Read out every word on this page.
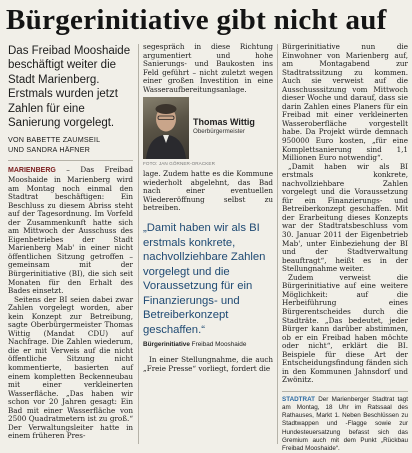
Bürgerinitiative gibt nicht auf

Das Freibad Mooshaide beschäftigt weiter die Stadt Marienberg. Erstmals wurden jetzt Zahlen für eine Sanierung vorgelegt.

VON BABETTE ZAUMSEIL
UND SANDRA HÄFNER

MARIENBERG – Das Freibad Mooshaide in Marienberg wird am Montag noch einmal den Stadtrat beschäftigen: Ein Beschluss zu diesem Abriss steht auf der Tagesordnung. Im Vorfeld der Zusammenkunft hatte sich am Mittwoch der Ausschuss des Eigenbetriebes der Stadt Marienberg Mab' in einer nicht öffentlichen Sitzung getroffen – gemeinsam mit der Bürgerinitiative (BI), die sich seit Monaten für den Erhalt des Bades einsetzt.

Seitens der BI seien dabei zwar Zahlen vorgelegt worden, aber kein Konzept zur Betreibung, sagte Oberbürgermeister Thomas Wittig (Mandat CDU) auf Nachfrage. Die Zahlen wiederum, die er mit Verweis auf die nicht öffentliche Sitzung nicht kommentierte, basierten auf einem kompletten Beckenneubau mit einer verkleinerten Wasserfläche. „Das haben wir schon vor 20 Jahren gesagt: Ein Bad mit einer Wasserfläche von 2500 Quadratmetern ist zu groß.“ Der Verwaltungsleiter hatte in einem früheren Pres-

segespräch in diese Richtung argumentiert und hohe Sanierungs- und Baukosten ins Feld geführt – nicht zuletzt wegen einer großen Investition in eine Wasseraufbereitungsanlage.

Thomas Wittig
Oberbürgermeister
FOTO: JAN GÖRNER-ORACKER

lage. Zudem hatte es die Kommune wiederholt abgelehnt, das Bad nach einer eventuellen Wiedereröffnung selbst zu betreiben.

„Damit haben wir als BI erstmals konkrete, nachvollziehbare Zahlen vorgelegt und die Voraussetzung für ein Finanzierungs- und Betreiberkonzept geschaffen.“
Bürgerinitiative Freibad Mooshaide

In einer Stellungnahme, die auch „Freie Presse“ vorliegt, fordert die

Bürgerinitiative nun die Einwohner von Marienberg auf, am Montagabend zur Stadtratssitzung zu kommen. Auch sie verweist auf die Ausschusssitzung vom Mittwoch dieser Woche und darauf, dass sie darin Zahlen eines Planers für ein Freibad mit einer verkleinerten Wasseroberfläche vorgestellt habe. Da Projekt würde demnach 950000 Euro kosten, „für eine Komplettsanierung sind 1,1 Millionen Euro notwendig“.

„Damit haben wir als BI erstmals konkrete, nachvollziehbare Zahlen vorgelegt und die Voraussetzung für ein Finanzierungs- und Betreiberkonzept geschaffen. Mit der Erarbeitung dieses Konzepts war der Stadtratsbeschluss vom 30. Januar 2011 der Eigenbetrieb Mab', unter Einbeziehung der BI und der Stadtverwaltung beauftragt“, heißt es in der Stellungnahme weiter.

Zudem verweist die Bürgerinitiative auf eine weitere Möglichkeit: auf die Herbeiführung eines Bürgerentscheides durch die Stadträte. „Das bedeutet, jeder Bürger kann darüber abstimmen, ob er ein Freibad haben möchte oder nicht“, erklärt die BI. Beispiele für diese Art der Entscheidungsfindung fänden sich in den Kommunen Jahnsdorf und Zwönitz.

STADTRAT Der Marienberger Stadtrat tagt am Montag, 18 Uhr im Ratssaal des Rathauses, Markt 1. Neben Beschlüssen zu Stadtwappen und -Flagge sowie zur Hundesteuersatzung befasst sich das Gremium auch mit dem Punkt „Rückbau Freibad Mooshaide“.
